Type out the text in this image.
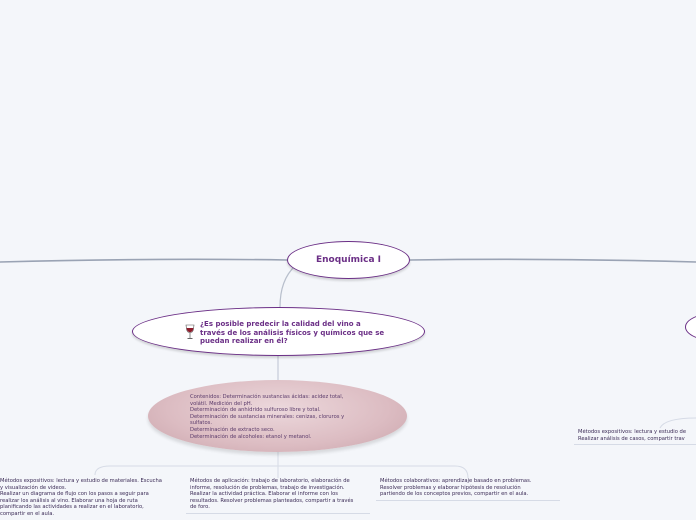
Enoquímica I
¿Es posible predecir la calidad del vino a través de los análisis físicos y químicos que se puedan realizar en él?
Contenidos: Determinación sustancias ácidas: acidez total,
volátil. Medición del pH.
Determinación de anhídrido sulfuroso libre y total.
Determinación de sustancias minerales: cenizas, cloruros y
sulfatos.
Determinación de extracto seco.
Determinación de alcoholes: etanol y metanol.
Métodos expositivos: lectura y estudio de materiales. Escucha
y visualización de videos.
Realizar un diagrama de flujo con los pasos a seguir para
realizar los análisis al vino. Elaborar una hoja de ruta
planificando las actividades a realizar en el laboratorio,
compartir en el aula.
Métodos de aplicación: trabajo de laboratorio, elaboración de
informe, resolución de problemas, trabajo de investigación.
Realizar la actividad práctica. Elaborar el informe con los
resultados. Resolver problemas planteados, compartir a través
de foro.
Métodos colaborativos: aprendizaje basado en problemas.
Resolver problemas y elaborar hipótesis de resolución
partiendo de los conceptos previos, compartir en el aula.
Métodos expositivos: lectura y estudio de
Realizar análisis de casos, compartir trav
